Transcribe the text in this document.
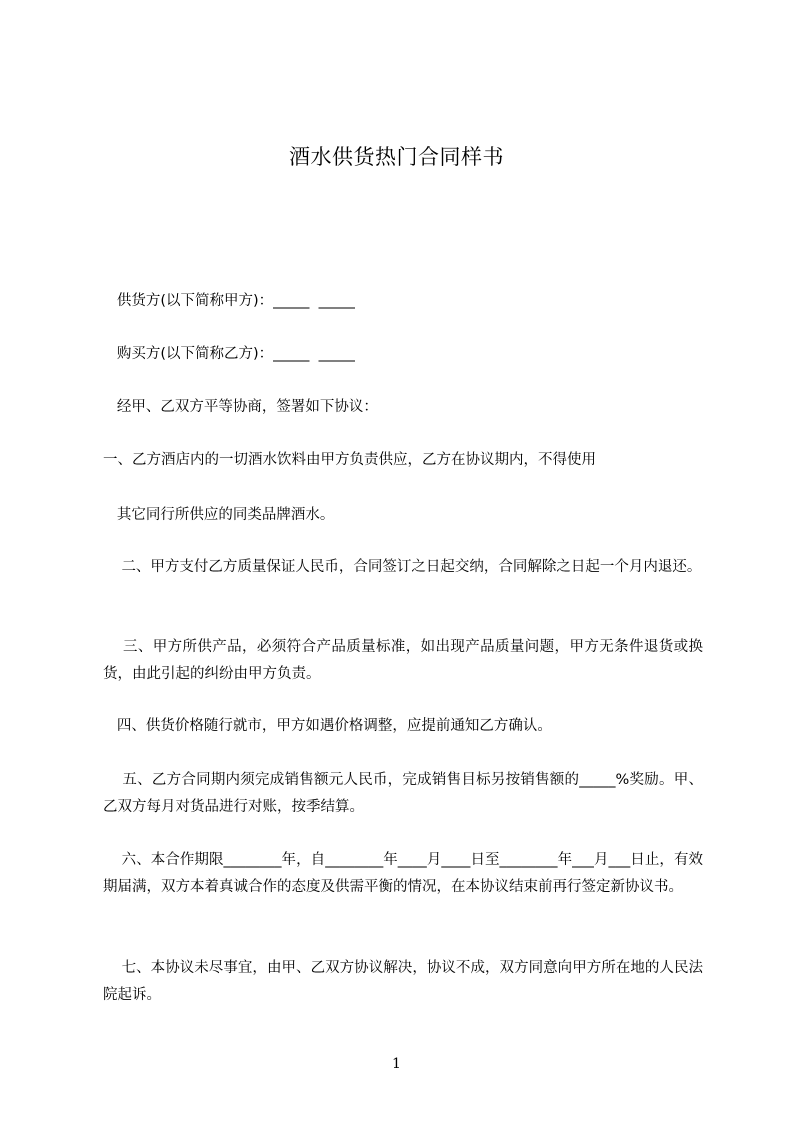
酒水供货热门合同样书
供货方(以下简称甲方)：_____  _____
购买方(以下简称乙方)：_____  _____
经甲、乙双方平等协商，签署如下协议：
一、乙方酒店内的一切酒水饮料由甲方负责供应，乙方在协议期内，不得使用
其它同行所供应的同类品牌酒水。
二、甲方支付乙方质量保证人民币，合同签订之日起交纳，合同解除之日起一个月内退还。
三、甲方所供产品，必须符合产品质量标准，如出现产品质量问题，甲方无条件退货或换货，由此引起的纠纷由甲方负责。
四、供货价格随行就市，甲方如遇价格调整，应提前通知乙方确认。
五、乙方合同期内须完成销售额元人民币，完成销售目标另按销售额的_____%奖励。甲、乙双方每月对货品进行对账，按季结算。
六、本合作期限________年，自________年____月____日至________年___月___日止，有效期届满，双方本着真诚合作的态度及供需平衡的情况，在本协议结束前再行签定新协议书。
七、本协议未尽事宜，由甲、乙双方协议解决，协议不成，双方同意向甲方所在地的人民法院起诉。
1
